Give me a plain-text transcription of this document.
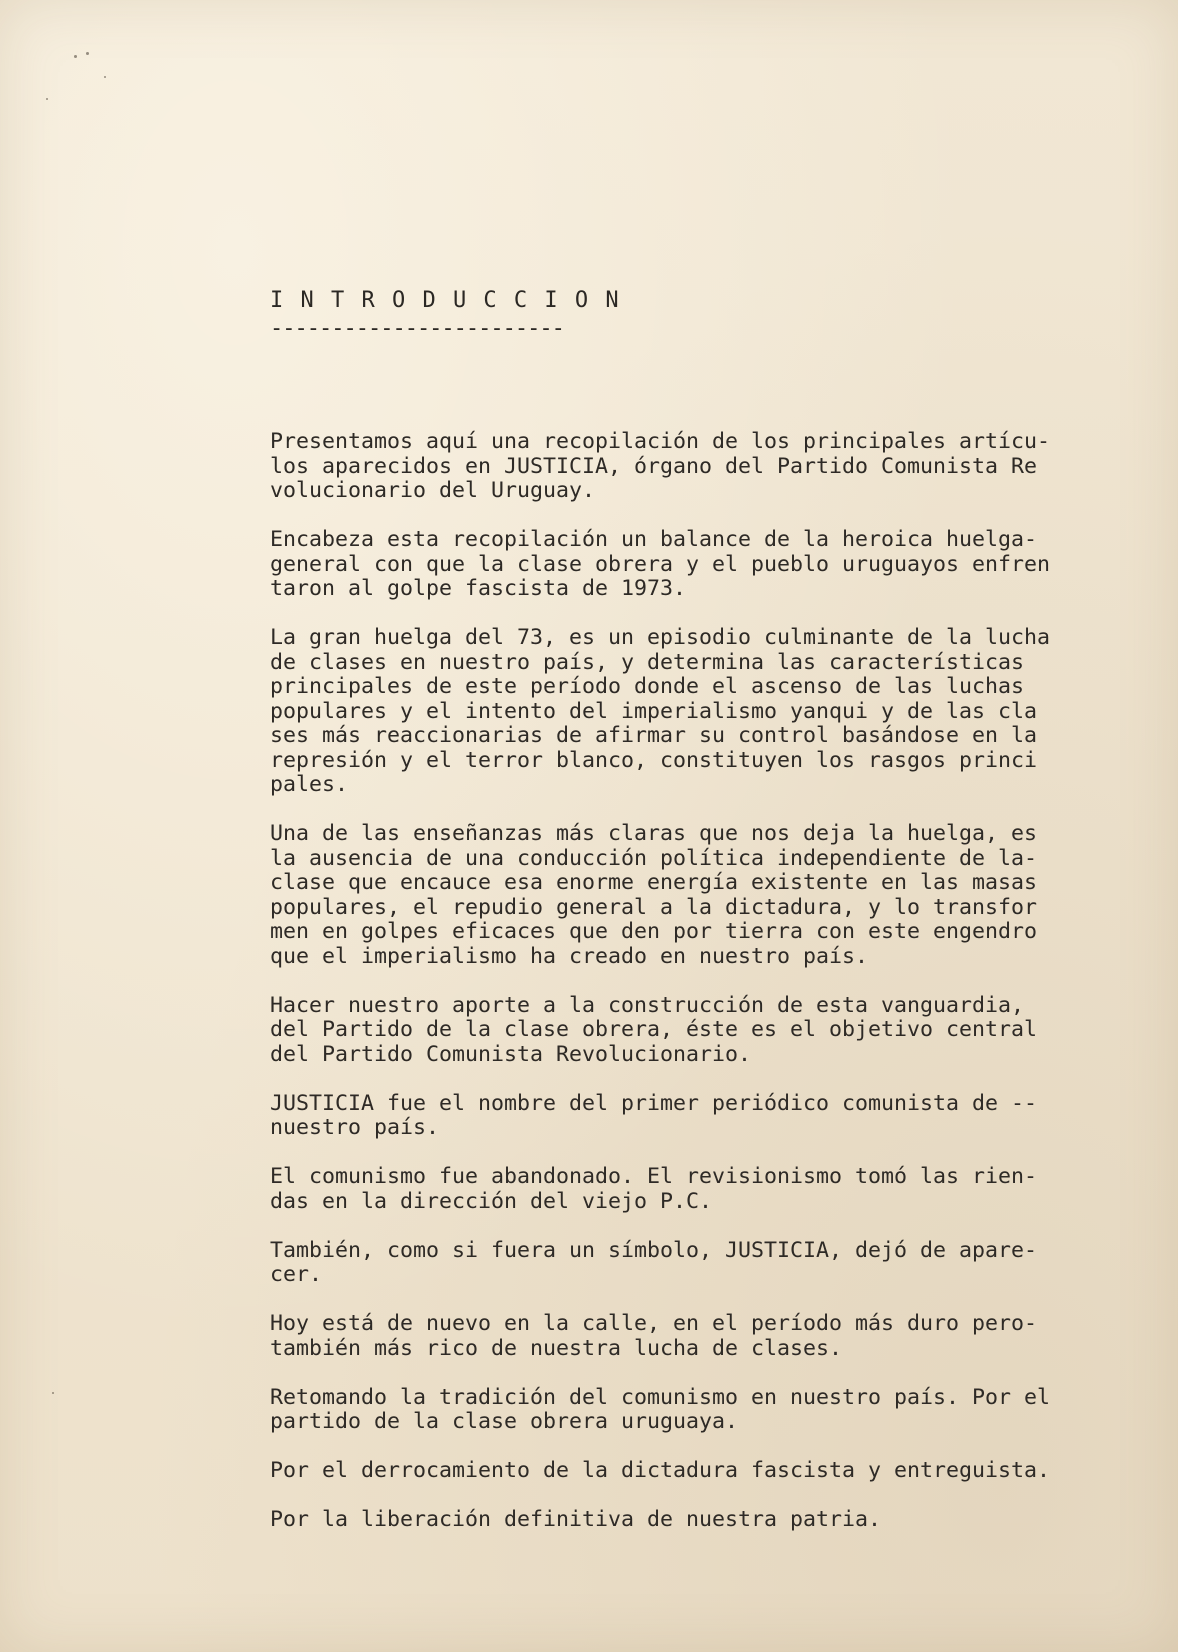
I N T R O D U C C I O N
------------------------
Presentamos aquí una recopilación de los principales artícu-
los aparecidos en JUSTICIA, órgano del Partido Comunista Re
volucionario del Uruguay.
Encabeza esta recopilación un balance de la heroica huelga-
general con que la clase obrera y el pueblo uruguayos enfren
taron al golpe fascista de 1973.
La gran huelga del 73, es un episodio culminante de la lucha
de clases en nuestro país, y determina las características
principales de este período donde el ascenso de las luchas
populares y el intento del imperialismo yanqui y de las cla
ses más reaccionarias de afirmar su control basándose en la
represión y el terror blanco, constituyen los rasgos princi
pales.
Una de las enseñanzas más claras que nos deja la huelga, es
la ausencia de una conducción política independiente de la-
clase que encauce esa enorme energía existente en las masas
populares, el repudio general a la dictadura, y lo transfor
men en golpes eficaces que den por tierra con este engendro
que el imperialismo ha creado en nuestro país.
Hacer nuestro aporte a la construcción de esta vanguardia,
del Partido de la clase obrera, éste es el objetivo central
del Partido Comunista Revolucionario.
JUSTICIA fue el nombre del primer periódico comunista de --
nuestro país.
El comunismo fue abandonado. El revisionismo tomó las rien-
das en la dirección del viejo P.C.
También, como si fuera un símbolo, JUSTICIA, dejó de apare-
cer.
Hoy está de nuevo en la calle, en el período más duro pero-
también más rico de nuestra lucha de clases.
Retomando la tradición del comunismo en nuestro país. Por el
partido de la clase obrera uruguaya.
Por el derrocamiento de la dictadura fascista y entreguista.
Por la liberación definitiva de nuestra patria.
